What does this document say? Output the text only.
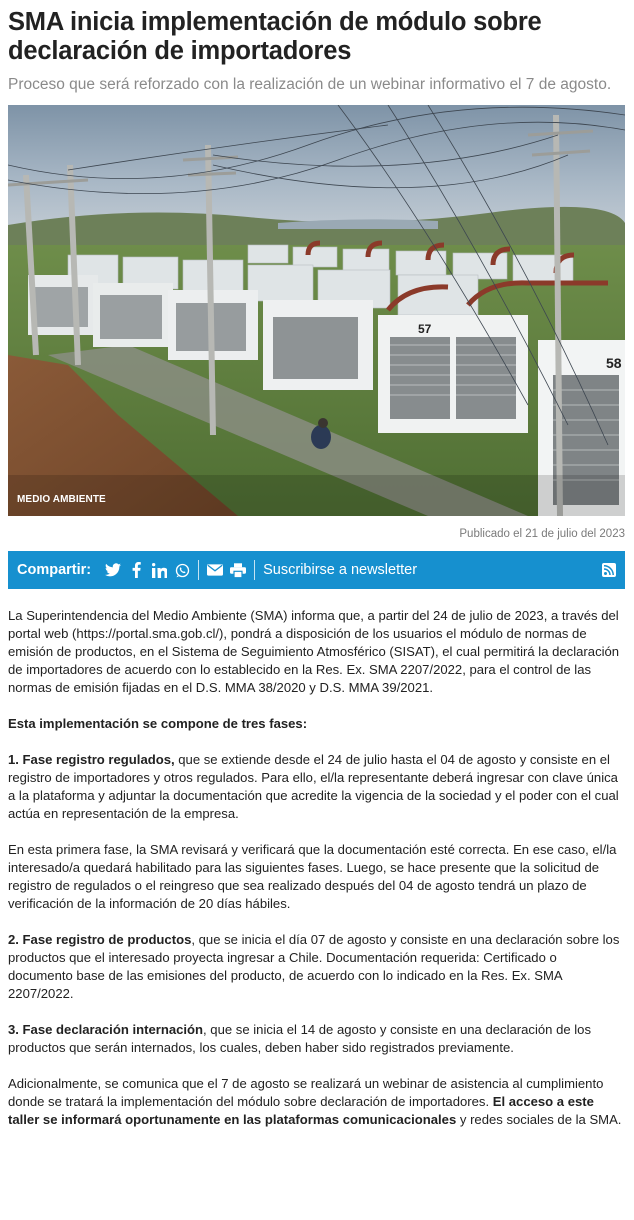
SMA inicia implementación de módulo sobre declaración de importadores

Proceso que será reforzado con la realización de un webinar informativo el 7 de agosto.

57
58
MEDIO AMBIENTE
Publicado el 21 de julio del 2023
Compartir:	Suscribirse a newsletter

La Superintendencia del Medio Ambiente (SMA) informa que, a partir del 24 de julio de 2023, a través del portal web (https://portal.sma.gob.cl/), pondrá a disposición de los usuarios el módulo de normas de emisión de productos, en el Sistema de Seguimiento Atmosférico (SISAT), el cual permitirá la declaración de importadores de acuerdo con lo establecido en la Res. Ex. SMA 2207/2022, para el control de las normas de emisión fijadas en el D.S. MMA 38/2020 y D.S. MMA 39/2021.

Esta implementación se compone de tres fases:

1. Fase registro regulados, que se extiende desde el 24 de julio hasta el 04 de agosto y consiste en el registro de importadores y otros regulados. Para ello, el/la representante deberá ingresar con clave única a la plataforma y adjuntar la documentación que acredite la vigencia de la sociedad y el poder con el cual actúa en representación de la empresa.

En esta primera fase, la SMA revisará y verificará que la documentación esté correcta. En ese caso, el/la interesado/a quedará habilitado para las siguientes fases. Luego, se hace presente que la solicitud de registro de regulados o el reingreso que sea realizado después del 04 de agosto tendrá un plazo de verificación de la información de 20 días hábiles.

2. Fase registro de productos, que se inicia el día 07 de agosto y consiste en una declaración sobre los productos que el interesado proyecta ingresar a Chile. Documentación requerida: Certificado o documento base de las emisiones del producto, de acuerdo con lo indicado en la Res. Ex. SMA 2207/2022.

3. Fase declaración internación, que se inicia el 14 de agosto y consiste en una declaración de los productos que serán internados, los cuales, deben haber sido registrados previamente.

Adicionalmente, se comunica que el 7 de agosto se realizará un webinar de asistencia al cumplimiento donde se tratará la implementación del módulo sobre declaración de importadores. El acceso a este taller se informará oportunamente en las plataformas comunicacionales y redes sociales de la SMA.
